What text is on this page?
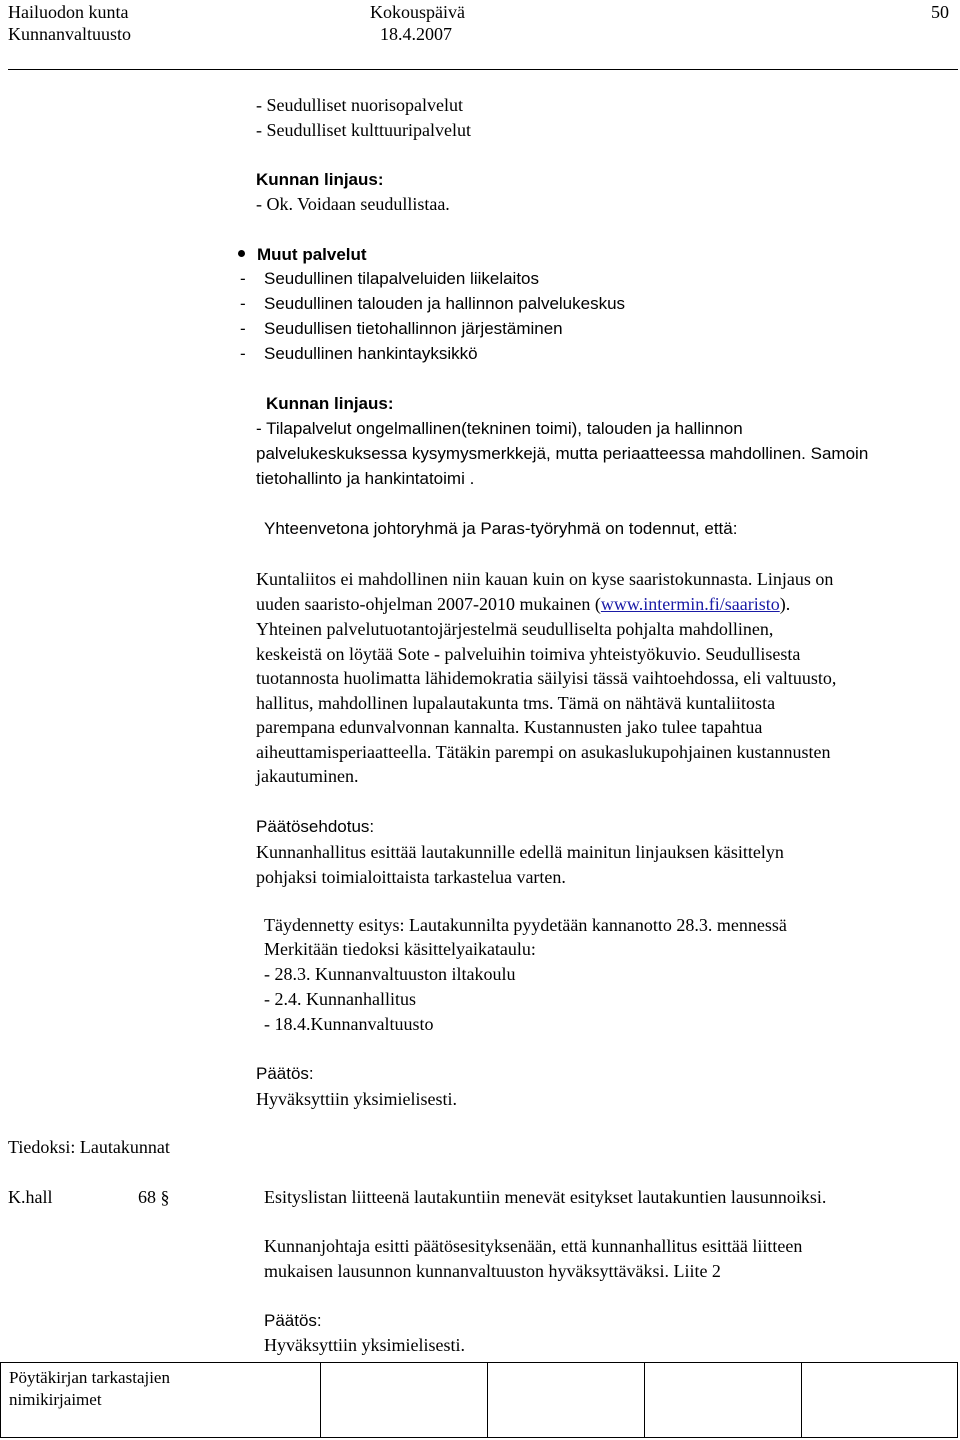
Hailuodon kunta
Kunnanvaltuusto
Kokouspäivä
18.4.2007
50
- Seudulliset nuorisopalvelut
- Seudulliset kulttuuripalvelut
Kunnan linjaus:
- Ok. Voidaan seudullistaa.
Muut palvelut
- Seudullinen tilapalveluiden liikelaitos
- Seudullinen talouden ja hallinnon palvelukeskus
- Seudullisen tietohallinnon järjestäminen
- Seudullinen hankintayksikkö
Kunnan linjaus:
- Tilapalvelut ongelmallinen(tekninen toimi), talouden ja hallinnon
palvelukeskuksessa kysymysmerkkejä, mutta periaatteessa mahdollinen. Samoin
tietohallinto ja hankintatoimi .
Yhteenvetona johtoryhmä ja Paras-työryhmä on todennut, että:
Kuntaliitos ei mahdollinen niin kauan kuin on kyse saaristokunnasta. Linjaus on
uuden saaristo-ohjelman 2007-2010 mukainen (www.intermin.fi/saaristo).
Yhteinen palvelutuotantojärjestelmä seudulliselta pohjalta mahdollinen,
keskeistä on löytää Sote - palveluihin toimiva yhteistyökuvio. Seudullisesta
tuotannosta huolimatta lähidemokratia säilyisi tässä vaihtoehdossa, eli valtuusto,
hallitus, mahdollinen lupalautakunta tms. Tämä on nähtävä kuntaliitosta
parempana edunvalvonnan kannalta. Kustannusten jako tulee tapahtua
aiheuttamisperiaatteella. Tätäkin parempi on asukaslukupohjainen kustannusten
jakautuminen.
Päätösehdotus:
Kunnanhallitus esittää lautakunnille edellä mainitun linjauksen käsittelyn
pohjaksi toimialoittaista tarkastelua varten.
Täydennetty esitys: Lautakunnilta pyydetään kannanotto 28.3. mennessä
Merkitään tiedoksi käsittelyaikataulu:
- 28.3. Kunnanvaltuuston iltakoulu
- 2.4. Kunnanhallitus
- 18.4.Kunnanvaltuusto
Päätös:
Hyväksyttiin yksimielisesti.
Tiedoksi: Lautakunnat
K.hall	68 §	Esityslistan liitteenä lautakuntiin menevät esitykset lautakuntien lausunnoiksi.
Kunnanjohtaja esitti päätösesityksenään, että kunnanhallitus esittää liitteen
mukaisen lausunnon kunnanvaltuuston hyväksyttäväksi. Liite 2
Päätös:
Hyväksyttiin yksimielisesti.
Pöytäkirjan tarkastajien
nimikirjaimet
